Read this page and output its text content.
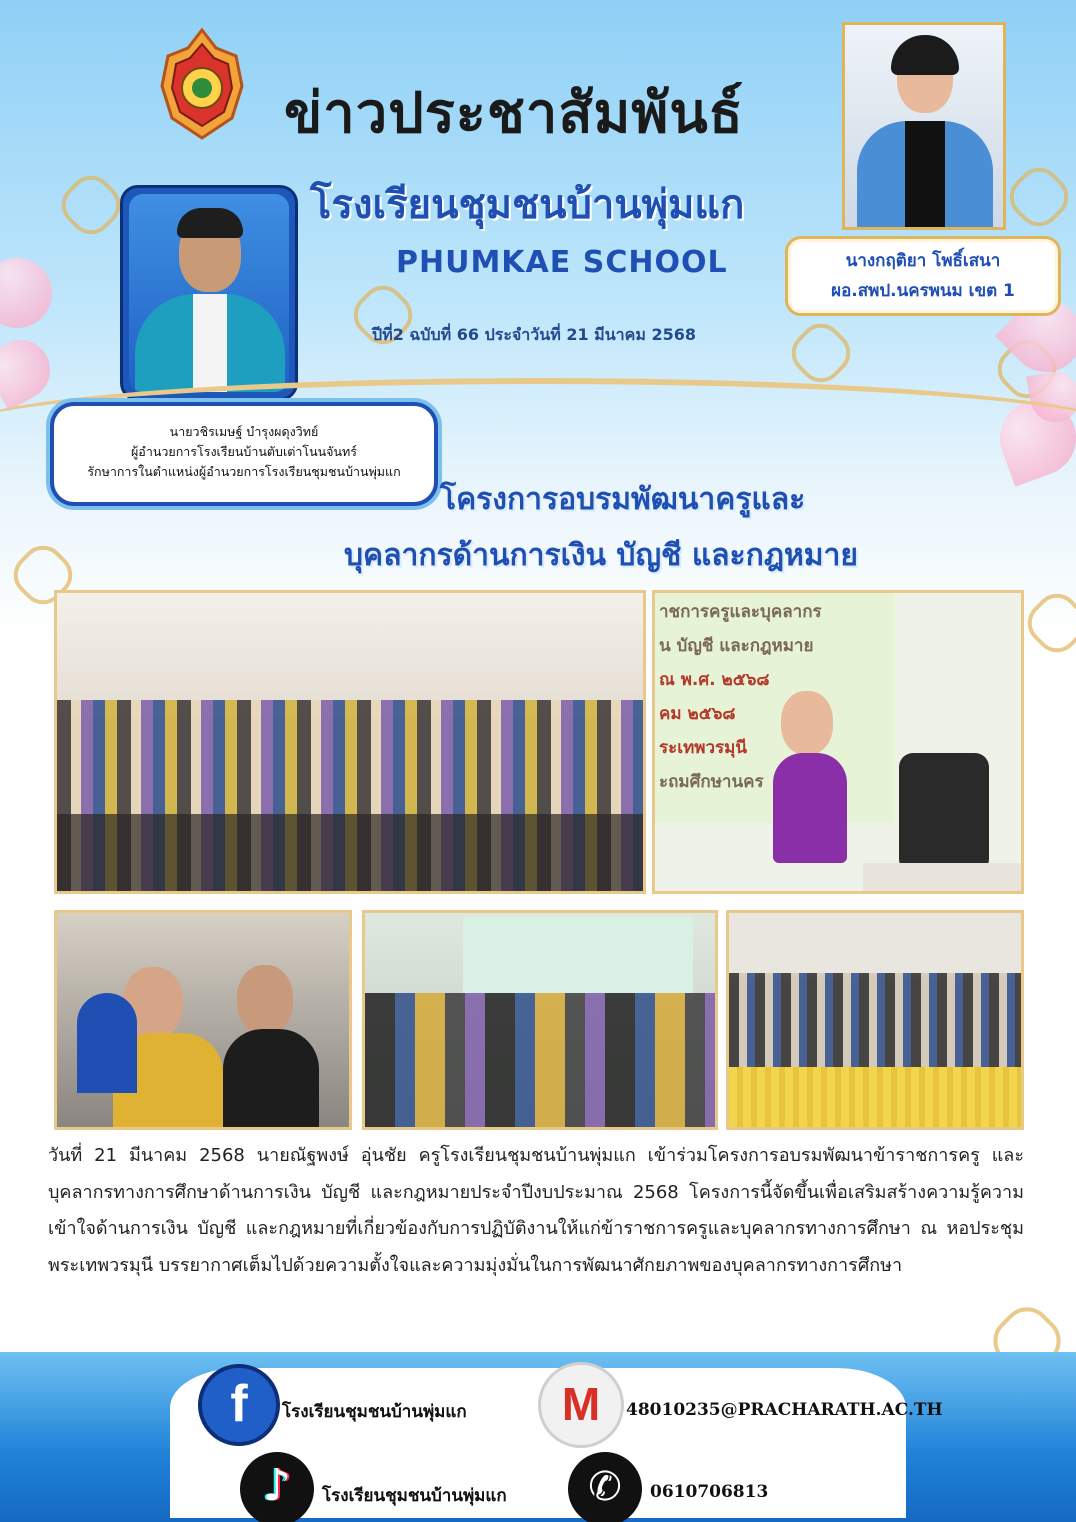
ข่าวประชาสัมพันธ์
โรงเรียนชุมชนบ้านพุ่มแก
PHUMKAE SCHOOL
ปีที่2 ฉบับที่ 66 ประจำวันที่ 21 มีนาคม 2568
นางกฤติยา โพธิ์เสนา
ผอ.สพป.นครพนม เขต 1
นายวชิรเมษฐ์ บำรุงผดุงวิทย์
ผู้อำนวยการโรงเรียนบ้านตับเต่าโนนจันทร์
รักษาการในตำแหน่งผู้อำนวยการโรงเรียนชุมชนบ้านพุ่มแก
โครงการอบรมพัฒนาครูและ
บุคลากรด้านการเงิน บัญชี และกฎหมาย
าชการครูและบุคลากร
น บัญชี และกฎหมาย
ณ พ.ศ. ๒๕๖๘
คม ๒๕๖๘
ระเทพวรมุนี
ะถมศึกษานคร
วันที่ 21 มีนาคม 2568 นายณัฐพงษ์ อุ่นชัย ครูโรงเรียนชุมชนบ้านพุ่มแก เข้าร่วมโครงการอบรมพัฒนาข้าราชการครู และบุคลากรทางการศึกษาด้านการเงิน บัญชี และกฎหมายประจำปีงบประมาณ 2568 โครงการนี้จัดขึ้นเพื่อเสริมสร้างความรู้ความเข้าใจด้านการเงิน บัญชี และกฎหมายที่เกี่ยวข้องกับการปฏิบัติงานให้แก่ข้าราชการครูและบุคลากรทางการศึกษา ณ หอประชุมพระเทพวรมุนี บรรยากาศเต็มไปด้วยความตั้งใจและความมุ่งมั่นในการพัฒนาศักยภาพของบุคลากรทางการศึกษา
f	โรงเรียนชุมชนบ้านพุ่มแก	M	48010235@PRACHARATH.AC.TH
♪	โรงเรียนชุมชนบ้านพุ่มแก	✆	0610706813
